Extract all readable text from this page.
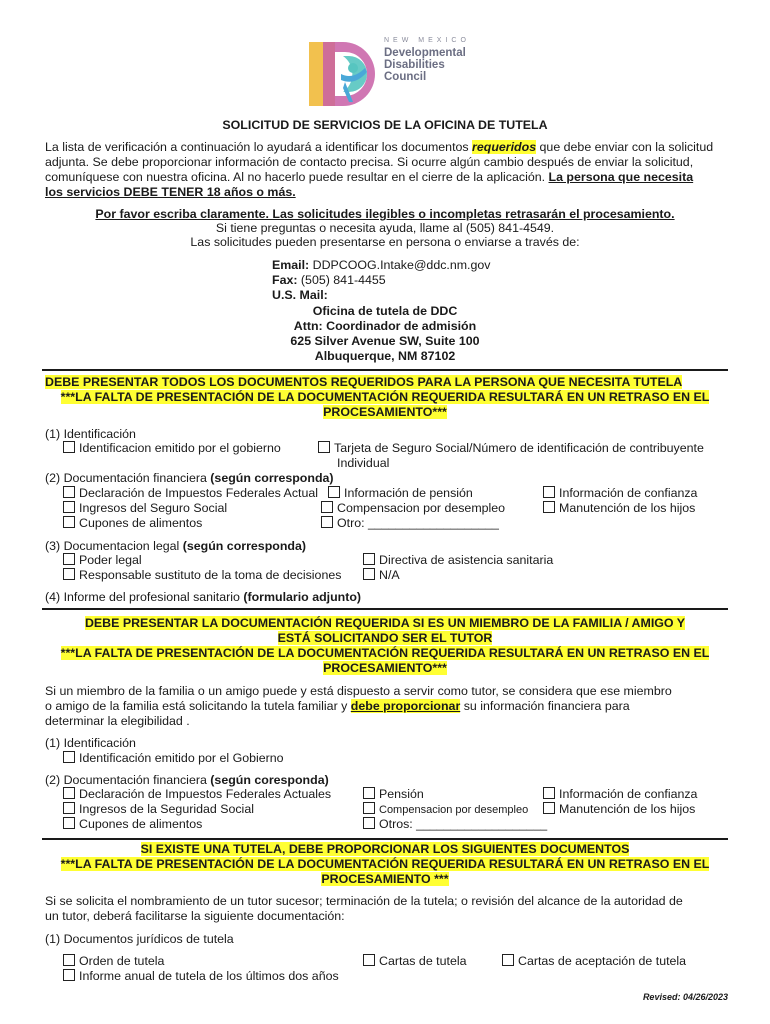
NEW MEXICO
Developmental
Disabilities
Council
SOLICITUD DE SERVICIOS DE LA OFICINA DE TUTELA
La lista de verificación a continuación lo ayudará a identificar los documentos requeridos que debe enviar con la solicitud
adjunta. Se debe proporcionar información de contacto precisa. Si ocurre algún cambio después de enviar la solicitud,
comuníquese con nuestra oficina. Al no hacerlo puede resultar en el cierre de la aplicación. La persona que necesita
los servicios DEBE TENER 18 años o más.
Por favor escriba claramente. Las solicitudes ilegibles o incompletas retrasarán el procesamiento.
Si tiene preguntas o necesita ayuda, llame al (505) 841-4549.
Las solicitudes pueden presentarse en persona o enviarse a través de:
Email: DDPCOOG.Intake@ddc.nm.gov
Fax: (505) 841-4455
U.S. Mail:
Oficina de tutela de DDC
Attn: Coordinador de admisión
625 Silver Avenue SW, Suite 100
Albuquerque, NM 87102
DEBE PRESENTAR TODOS LOS DOCUMENTOS REQUERIDOS PARA LA PERSONA QUE NECESITA TUTELA
***LA FALTA DE PRESENTACIÓN DE LA DOCUMENTACIÓN REQUERIDA RESULTARÁ EN UN RETRASO EN EL
PROCESAMIENTO***
(1) Identificación
Identificacion emitido por el gobierno	Tarjeta de Seguro Social/Número de identificación de contribuyente
Individual
(2) Documentación financiera (según corresponda)
Declaración de Impuestos Federales Actual
Ingresos del Seguro Social
Cupones de alimentos
Información de pensión
Compensacion por desempleo
Otro: ___________________
Información de confianza
Manutención de los hijos
(3) Documentacion legal (según corresponda)
Poder legal
Responsable sustituto de la toma de decisiones
Directiva de asistencia sanitaria
N/A
(4) Informe del profesional sanitario (formulario adjunto)
DEBE PRESENTAR LA DOCUMENTACIÓN REQUERIDA SI ES UN MIEMBRO DE LA FAMILIA / AMIGO Y
ESTÁ SOLICITANDO SER EL TUTOR
***LA FALTA DE PRESENTACIÓN DE LA DOCUMENTACIÓN REQUERIDA RESULTARÁ EN UN RETRASO EN EL
PROCESAMIENTO***
Si un miembro de la familia o un amigo puede y está dispuesto a servir como tutor, se considera que ese miembro
o amigo de la familia está solicitando la tutela familiar y debe proporcionar su información financiera para
determinar la elegibilidad .
(1) Identificación
Identificación emitido por el Gobierno
(2) Documentación financiera (según coresponda)
Declaración de Impuestos Federales Actuales
Ingresos de la Seguridad Social
Cupones de alimentos
Pensión
Compensacion por desempleo
Otros: ___________________
Información de confianza
Manutención de los hijos
SI EXISTE UNA TUTELA, DEBE PROPORCIONAR LOS SIGUIENTES DOCUMENTOS
***LA FALTA DE PRESENTACIÓN DE LA DOCUMENTACIÓN REQUERIDA RESULTARÁ EN UN RETRASO EN EL
PROCESAMIENTO ***
Si se solicita el nombramiento de un tutor sucesor; terminación de la tutela; o revisión del alcance de la autoridad de
un tutor, deberá facilitarse la siguiente documentación:
(1) Documentos jurídicos de tutela
Orden de tutela
Informe anual de tutela de los últimos dos años
Cartas de tutela	Cartas de aceptación de tutela
Revised: 04/26/2023
